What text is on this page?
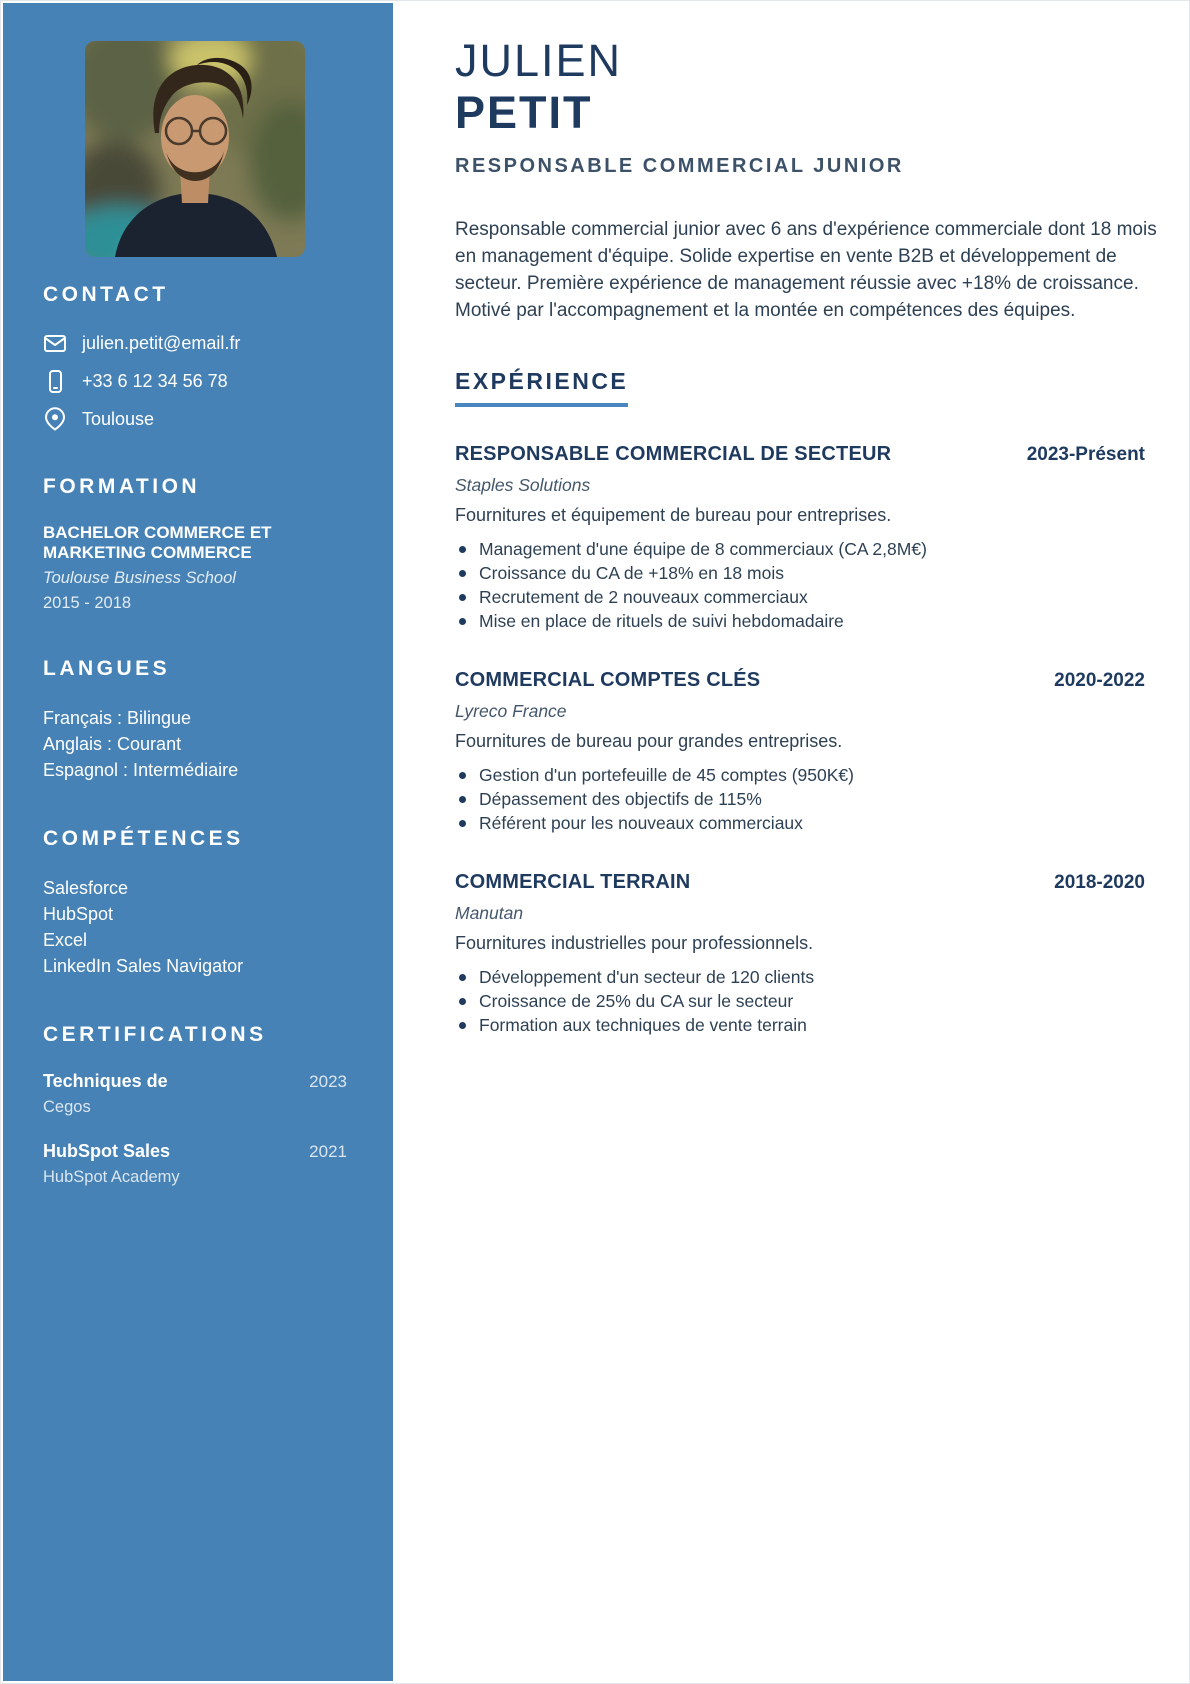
CONTACT
julien.petit@email.fr
+33 6 12 34 56 78
Toulouse
FORMATION

BACHELOR COMMERCE ET MARKETING COMMERCE

Toulouse Business School

2015 - 2018

LANGUES
Français : Bilingue
Anglais : Courant
Espagnol : Intermédiaire
COMPÉTENCES
Salesforce
HubSpot
Excel
LinkedIn Sales Navigator
CERTIFICATIONS
Techniques de	2023
Cegos
HubSpot Sales	2021
HubSpot Academy
JULIEN
PETIT

RESPONSABLE COMMERCIAL JUNIOR

Responsable commercial junior avec 6 ans d'expérience commerciale dont 18 mois en management d'équipe. Solide expertise en vente B2B et développement de secteur. Première expérience de management réussie avec +18% de croissance. Motivé par l'accompagnement et la montée en compétences des équipes.

EXPÉRIENCE
RESPONSABLE COMMERCIAL DE SECTEUR	2023-Présent
Staples Solutions
Fournitures et équipement de bureau pour entreprises.
Management d'une équipe de 8 commerciaux (CA 2,8M€)
Croissance du CA de +18% en 18 mois
Recrutement de 2 nouveaux commerciaux
Mise en place de rituels de suivi hebdomadaire
COMMERCIAL COMPTES CLÉS	2020-2022
Lyreco France
Fournitures de bureau pour grandes entreprises.
Gestion d'un portefeuille de 45 comptes (950K€)
Dépassement des objectifs de 115%
Référent pour les nouveaux commerciaux
COMMERCIAL TERRAIN	2018-2020
Manutan
Fournitures industrielles pour professionnels.
Développement d'un secteur de 120 clients
Croissance de 25% du CA sur le secteur
Formation aux techniques de vente terrain
